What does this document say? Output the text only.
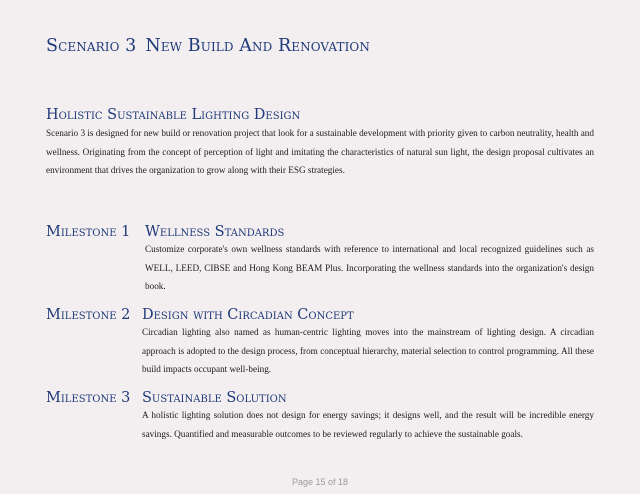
Scenario 3 New Build And Renovation
Holistic Sustainable Lighting Design

Scenario 3 is designed for new build or renovation project that look for a sustainable development with priority given to carbon neutrality, health and wellness. Originating from the concept of perception of light and imitating the characteristics of natural sun light, the design proposal cultivates an environment that drives the organization to grow along with their ESG strategies.

Milestone 1 Wellness Standards

Customize corporate's own wellness standards with reference to international and local recognized guidelines such as WELL, LEED, CIBSE and Hong Kong BEAM Plus. Incorporating the wellness standards into the organization's design book.

Milestone 2 Design with Circadian Concept

Circadian lighting also named as human-centric lighting moves into the mainstream of lighting design. A circadian approach is adopted to the design process, from conceptual hierarchy, material selection to control programming. All these build impacts occupant well-being.

Milestone 3 Sustainable Solution

A holistic lighting solution does not design for energy savings; it designs well, and the result will be incredible energy savings. Quantified and measurable outcomes to be reviewed regularly to achieve the sustainable goals.

Page 15 of 18
